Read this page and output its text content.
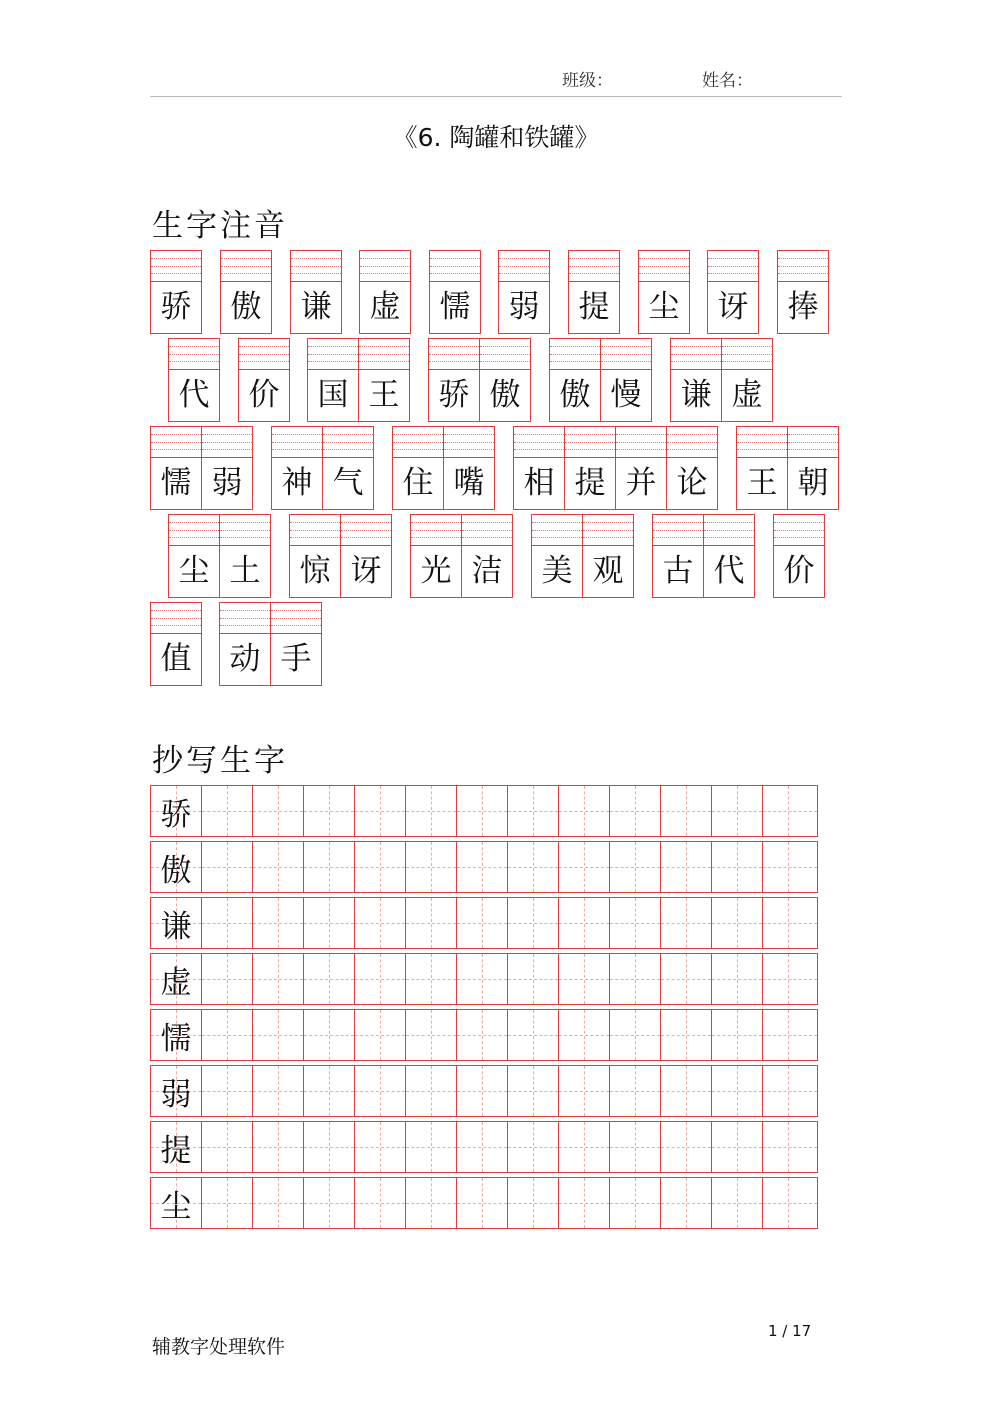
班级：	姓名：
《6. 陶罐和铁罐》
生字注音
骄	傲	谦	虚	懦	弱	提	尘	讶	捧
代	价	国 王	骄 傲	傲 慢	谦 虚
懦 弱	神 气	住 嘴	相 提 并 论	王 朝
尘 土	惊 讶	光 洁	美 观	古 代	价
值	动 手
抄写生字
骄
傲
谦
虚
懦
弱
提
尘
辅教字处理软件
1 / 17
